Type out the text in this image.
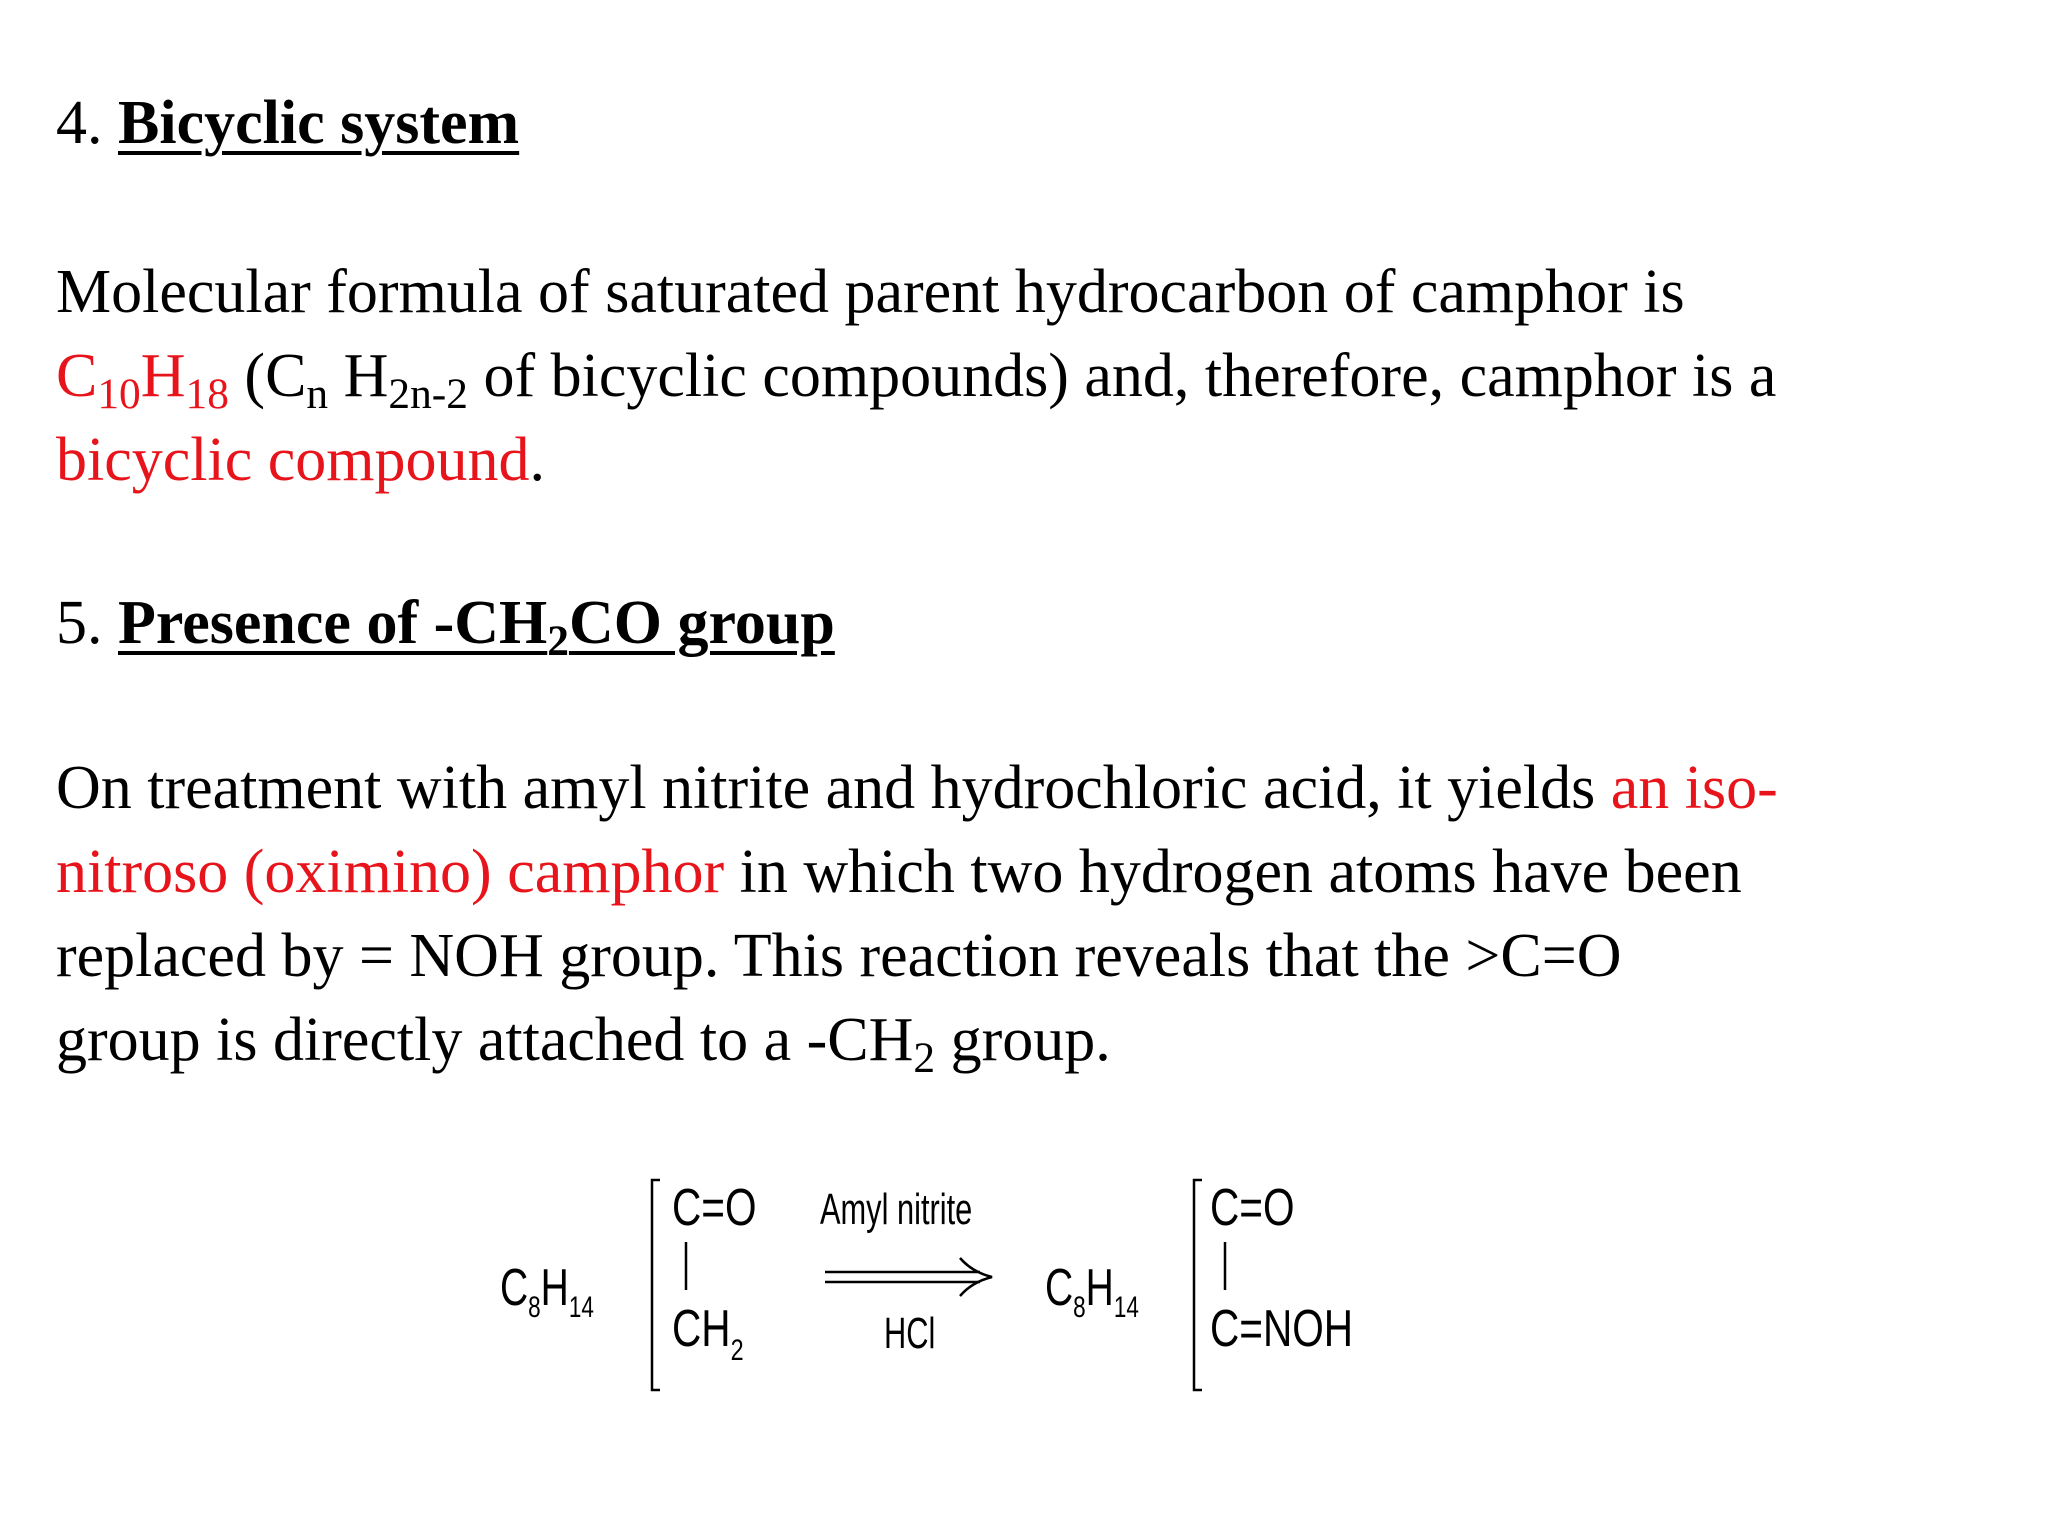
4. Bicyclic system
Molecular formula of saturated parent hydrocarbon of camphor is
$C_{10}H_{18}$ ($C_n$ $H_{2n-2}$ of bicyclic compounds) and, therefore, camphor is a
bicyclic compound.
5. Presence of $-CH_2CO$ group
On treatment with amyl nitrite and hydrochloric acid, it yields an iso-
nitroso (oximino) camphor in which two hydrogen atoms have been
replaced by = NOH group. This reaction reveals that the >C=O
group is directly attached to a $-CH_2$ group.
$C_8H_{14}$
C=O
$CH_2$
Amyl nitrite
HCl
$C_8H_{14}$
C=O
C=NOH
